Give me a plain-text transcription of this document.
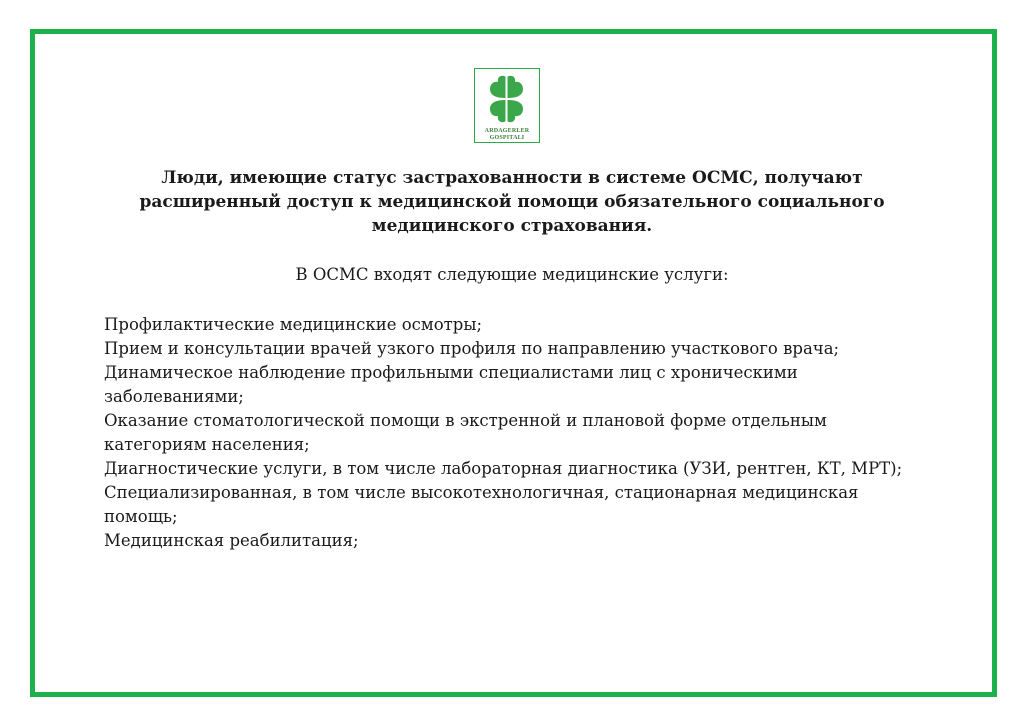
ARDAGERLER
GOSPITALI

Люди, имеющие статус застрахованности в системе ОСМС, получают расширенный доступ к медицинской помощи обязательного социального медицинского страхования.

В ОСМС входят следующие медицинские услуги:

Профилактические медицинские осмотры;
Прием и консультации врачей узкого профиля по направлению участкового врача;
Динамическое наблюдение профильными специалистами лиц с хроническими заболеваниями;
Оказание стоматологической помощи в экстренной и плановой форме отдельным категориям населения;
Диагностические услуги, в том числе лабораторная диагностика (УЗИ, рентген, КТ, МРТ);
Специализированная, в том числе высокотехнологичная, стационарная медицинская помощь;
Медицинская реабилитация;
